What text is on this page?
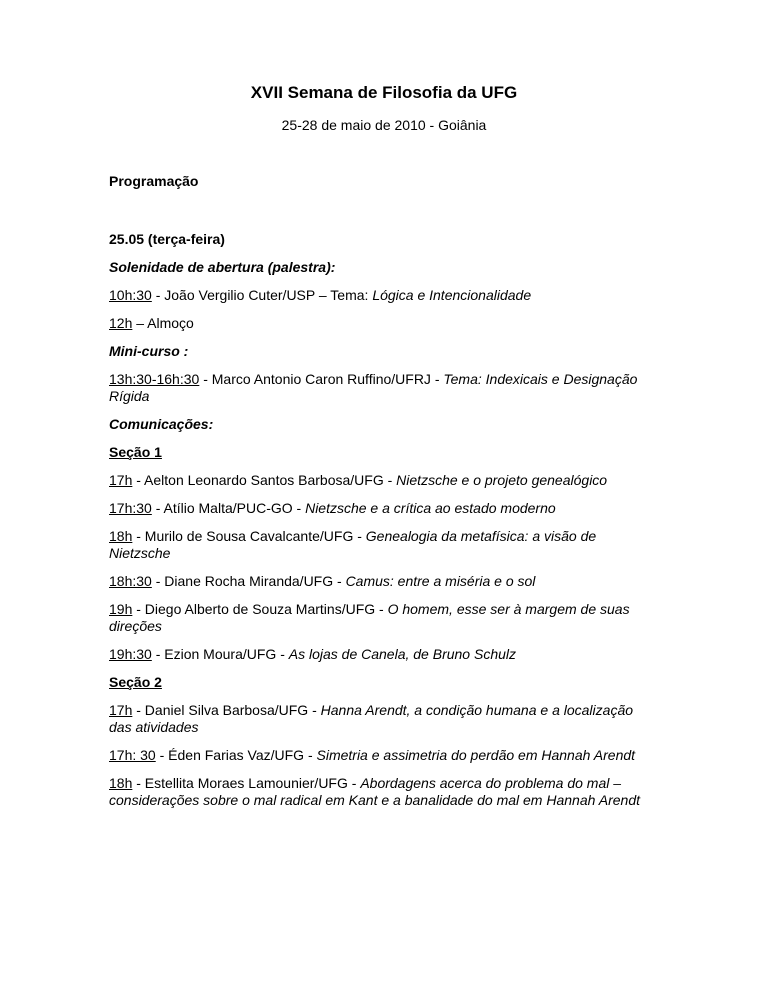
XVII Semana de Filosofia da UFG
25-28 de maio de 2010 - Goiânia

Programação

25.05 (terça-feira)

Solenidade de abertura (palestra):

10h:30 - João Vergilio Cuter/USP – Tema: Lógica e Intencionalidade

12h – Almoço

Mini-curso :

13h:30-16h:30 - Marco Antonio Caron Ruffino/UFRJ - Tema: Indexicais e Designação Rígida

Comunicações:

Seção 1

17h - Aelton Leonardo Santos Barbosa/UFG - Nietzsche e o projeto genealógico

17h:30 - Atílio Malta/PUC-GO - Nietzsche e a crítica ao estado moderno

18h - Murilo de Sousa Cavalcante/UFG - Genealogia da metafísica: a visão de Nietzsche

18h:30 - Diane Rocha Miranda/UFG - Camus: entre a miséria e o sol

19h - Diego Alberto de Souza Martins/UFG - O homem, esse ser à margem de suas direções

19h:30 - Ezion Moura/UFG - As lojas de Canela, de Bruno Schulz

Seção 2

17h - Daniel Silva Barbosa/UFG - Hanna Arendt, a condição humana e a localização das atividades

17h: 30 - Éden Farias Vaz/UFG - Simetria e assimetria do perdão em Hannah Arendt

18h - Estellita Moraes Lamounier/UFG - Abordagens acerca do problema do mal – considerações sobre o mal radical em Kant e a banalidade do mal em Hannah Arendt
